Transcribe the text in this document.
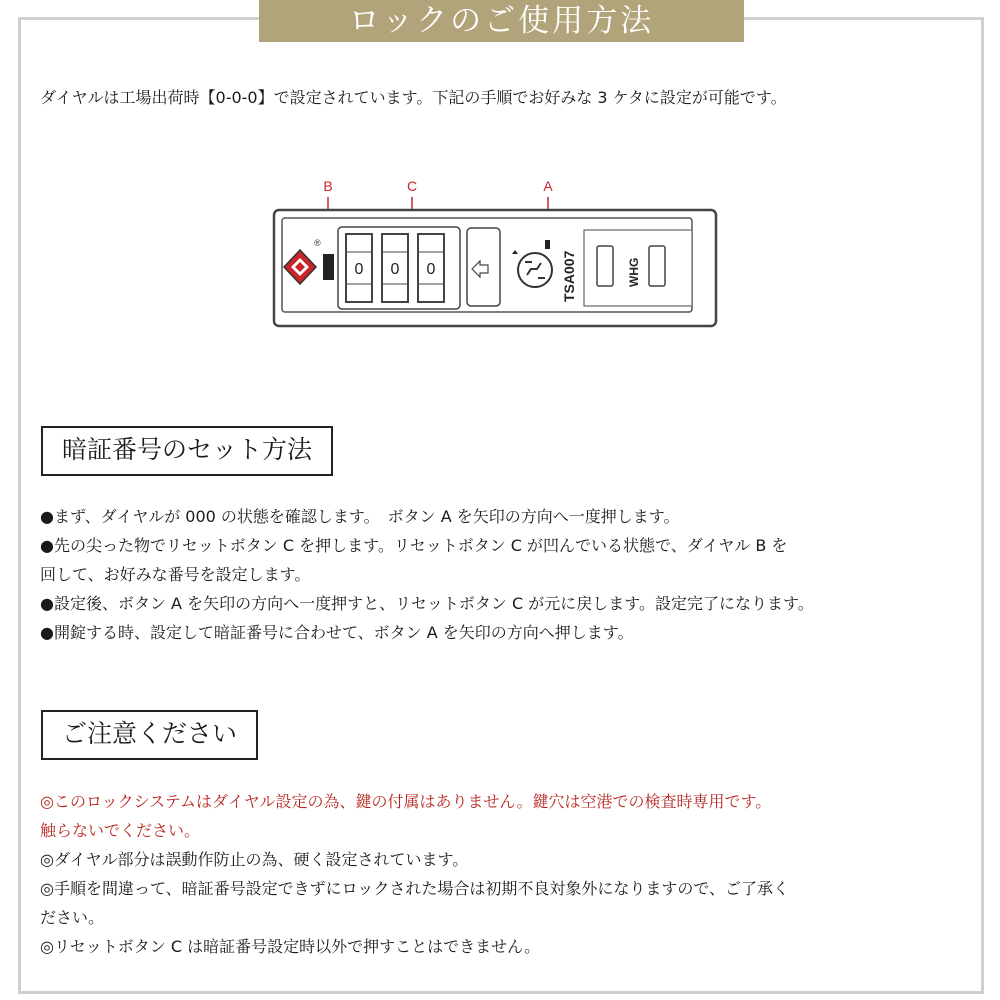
ロックのご使用方法
ダイヤルは工場出荷時【0-0-0】で設定されています。下記の手順でお好みな 3 ケタに設定が可能です。
B	C	A
®
0 0 0	TSA007	WHG
暗証番号のセット方法

●まず、ダイヤルが 000 の状態を確認します。　ボタン A を矢印の方向へ一度押します。

●先の尖った物でリセットボタン C を押します。リセットボタン C が凹んでいる状態で、ダイヤル B を

回して、お好みな番号を設定します。

●設定後、ボタン A を矢印の方向へ一度押すと、リセットボタン C が元に戻します。設定完了になります。

●開錠する時、設定して暗証番号に合わせて、ボタン A を矢印の方向へ押します。

ご注意ください

◎このロックシステムはダイヤル設定の為、鍵の付属はありません。鍵穴は空港での検査時専用です。

触らないでください。

◎ダイヤル部分は誤動作防止の為、硬く設定されています。

◎手順を間違って、暗証番号設定できずにロックされた場合は初期不良対象外になりますので、ご了承く

ださい。

◎リセットボタン C は暗証番号設定時以外で押すことはできません。
